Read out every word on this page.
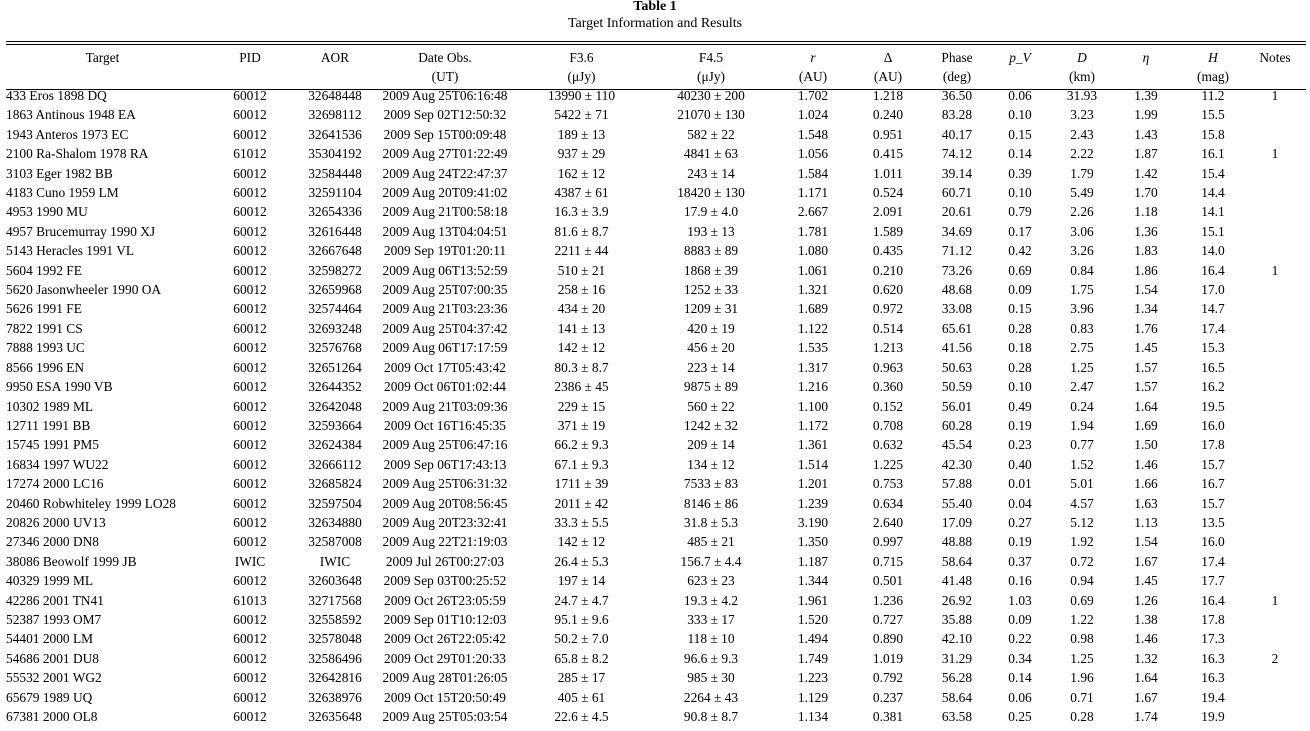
Table 1
Target Information and Results
Target	PID	AOR	Date Obs.	F3.6	F4.5	r	Δ	Phase	p_V	D	η	H	Notes
			(UT)	(μJy)	(μJy)	(AU)	(AU)	(deg)		(km)		(mag)	
433 Eros 1898 DQ	60012	32648448	2009 Aug 25T06:16:48	13990 ± 110	40230 ± 200	1.702	1.218	36.50	0.06	31.93	1.39	11.2	1
1863 Antinous 1948 EA	60012	32698112	2009 Sep 02T12:50:32	5422 ± 71	21070 ± 130	1.024	0.240	83.28	0.10	3.23	1.99	15.5	
1943 Anteros 1973 EC	60012	32641536	2009 Sep 15T00:09:48	189 ± 13	582 ± 22	1.548	0.951	40.17	0.15	2.43	1.43	15.8	
2100 Ra-Shalom 1978 RA	61012	35304192	2009 Aug 27T01:22:49	937 ± 29	4841 ± 63	1.056	0.415	74.12	0.14	2.22	1.87	16.1	1
3103 Eger 1982 BB	60012	32584448	2009 Aug 24T22:47:37	162 ± 12	243 ± 14	1.584	1.011	39.14	0.39	1.79	1.42	15.4	
4183 Cuno 1959 LM	60012	32591104	2009 Aug 20T09:41:02	4387 ± 61	18420 ± 130	1.171	0.524	60.71	0.10	5.49	1.70	14.4	
4953 1990 MU	60012	32654336	2009 Aug 21T00:58:18	16.3 ± 3.9	17.9 ± 4.0	2.667	2.091	20.61	0.79	2.26	1.18	14.1	
4957 Brucemurray 1990 XJ	60012	32616448	2009 Aug 13T04:04:51	81.6 ± 8.7	193 ± 13	1.781	1.589	34.69	0.17	3.06	1.36	15.1	
5143 Heracles 1991 VL	60012	32667648	2009 Sep 19T01:20:11	2211 ± 44	8883 ± 89	1.080	0.435	71.12	0.42	3.26	1.83	14.0	
5604 1992 FE	60012	32598272	2009 Aug 06T13:52:59	510 ± 21	1868 ± 39	1.061	0.210	73.26	0.69	0.84	1.86	16.4	1
5620 Jasonwheeler 1990 OA	60012	32659968	2009 Aug 25T07:00:35	258 ± 16	1252 ± 33	1.321	0.620	48.68	0.09	1.75	1.54	17.0	
5626 1991 FE	60012	32574464	2009 Aug 21T03:23:36	434 ± 20	1209 ± 31	1.689	0.972	33.08	0.15	3.96	1.34	14.7	
7822 1991 CS	60012	32693248	2009 Aug 25T04:37:42	141 ± 13	420 ± 19	1.122	0.514	65.61	0.28	0.83	1.76	17.4	
7888 1993 UC	60012	32576768	2009 Aug 06T17:17:59	142 ± 12	456 ± 20	1.535	1.213	41.56	0.18	2.75	1.45	15.3	
8566 1996 EN	60012	32651264	2009 Oct 17T05:43:42	80.3 ± 8.7	223 ± 14	1.317	0.963	50.63	0.28	1.25	1.57	16.5	
9950 ESA 1990 VB	60012	32644352	2009 Oct 06T01:02:44	2386 ± 45	9875 ± 89	1.216	0.360	50.59	0.10	2.47	1.57	16.2	
10302 1989 ML	60012	32642048	2009 Aug 21T03:09:36	229 ± 15	560 ± 22	1.100	0.152	56.01	0.49	0.24	1.64	19.5	
12711 1991 BB	60012	32593664	2009 Oct 16T16:45:35	371 ± 19	1242 ± 32	1.172	0.708	60.28	0.19	1.94	1.69	16.0	
15745 1991 PM5	60012	32624384	2009 Aug 25T06:47:16	66.2 ± 9.3	209 ± 14	1.361	0.632	45.54	0.23	0.77	1.50	17.8	
16834 1997 WU22	60012	32666112	2009 Sep 06T17:43:13	67.1 ± 9.3	134 ± 12	1.514	1.225	42.30	0.40	1.52	1.46	15.7	
17274 2000 LC16	60012	32685824	2009 Aug 25T06:31:32	1711 ± 39	7533 ± 83	1.201	0.753	57.88	0.01	5.01	1.66	16.7	
20460 Robwhiteley 1999 LO28	60012	32597504	2009 Aug 20T08:56:45	2011 ± 42	8146 ± 86	1.239	0.634	55.40	0.04	4.57	1.63	15.7	
20826 2000 UV13	60012	32634880	2009 Aug 20T23:32:41	33.3 ± 5.5	31.8 ± 5.3	3.190	2.640	17.09	0.27	5.12	1.13	13.5	
27346 2000 DN8	60012	32587008	2009 Aug 22T21:19:03	142 ± 12	485 ± 21	1.350	0.997	48.88	0.19	1.92	1.54	16.0	
38086 Beowolf 1999 JB	IWIC	IWIC	2009 Jul 26T00:27:03	26.4 ± 5.3	156.7 ± 4.4	1.187	0.715	58.64	0.37	0.72	1.67	17.4	
40329 1999 ML	60012	32603648	2009 Sep 03T00:25:52	197 ± 14	623 ± 23	1.344	0.501	41.48	0.16	0.94	1.45	17.7	
42286 2001 TN41	61013	32717568	2009 Oct 26T23:05:59	24.7 ± 4.7	19.3 ± 4.2	1.961	1.236	26.92	1.03	0.69	1.26	16.4	1
52387 1993 OM7	60012	32558592	2009 Sep 01T10:12:03	95.1 ± 9.6	333 ± 17	1.520	0.727	35.88	0.09	1.22	1.38	17.8	
54401 2000 LM	60012	32578048	2009 Oct 26T22:05:42	50.2 ± 7.0	118 ± 10	1.494	0.890	42.10	0.22	0.98	1.46	17.3	
54686 2001 DU8	60012	32586496	2009 Oct 29T01:20:33	65.8 ± 8.2	96.6 ± 9.3	1.749	1.019	31.29	0.34	1.25	1.32	16.3	2
55532 2001 WG2	60012	32642816	2009 Aug 28T01:26:05	285 ± 17	985 ± 30	1.223	0.792	56.28	0.14	1.96	1.64	16.3	
65679 1989 UQ	60012	32638976	2009 Oct 15T20:50:49	405 ± 61	2264 ± 43	1.129	0.237	58.64	0.06	0.71	1.67	19.4	
67381 2000 OL8	60012	32635648	2009 Aug 25T05:03:54	22.6 ± 4.5	90.8 ± 8.7	1.134	0.381	63.58	0.25	0.28	1.74	19.9	
